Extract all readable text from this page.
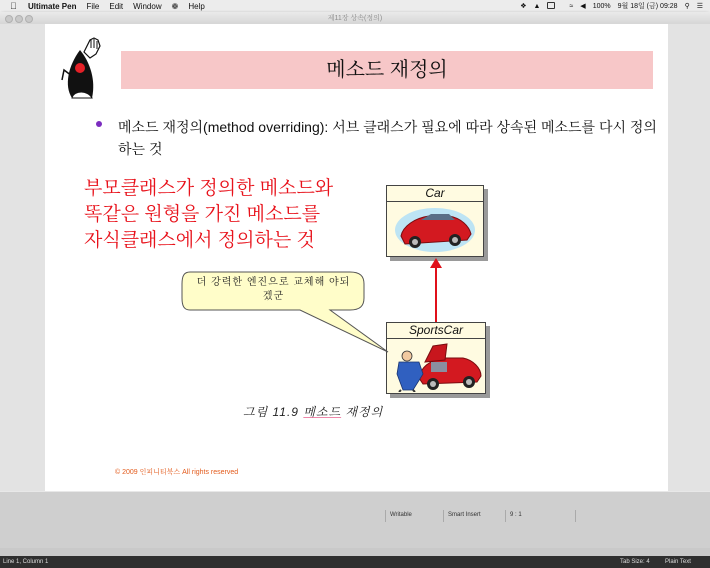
Ultimate Pen File Edit Window ❁ Help	❖ ▲	≈ ◀ 100% 9월 18일 (금) 09:28 ⚲ ☰
제11장 상속(정의)
메소드 재정의
메소드 재정의(method overriding): 서브 클래스가 필요에 따라 상속된 메소드를 다시 정의하는 것
부모클래스가 정의한 메소드와
똑같은 원형을 가진 메소드를
자식클래스에서 정의하는 것
Car
SportsCar
더 강력한 엔진으로 교체해 야되겠군
그림 11.9 메소드 재정의
© 2009 인피니티북스 All rights reserved
Writable	Smart Insert	9 : 1
Line 1, Column 1	Tab Size: 4	Plain Text
